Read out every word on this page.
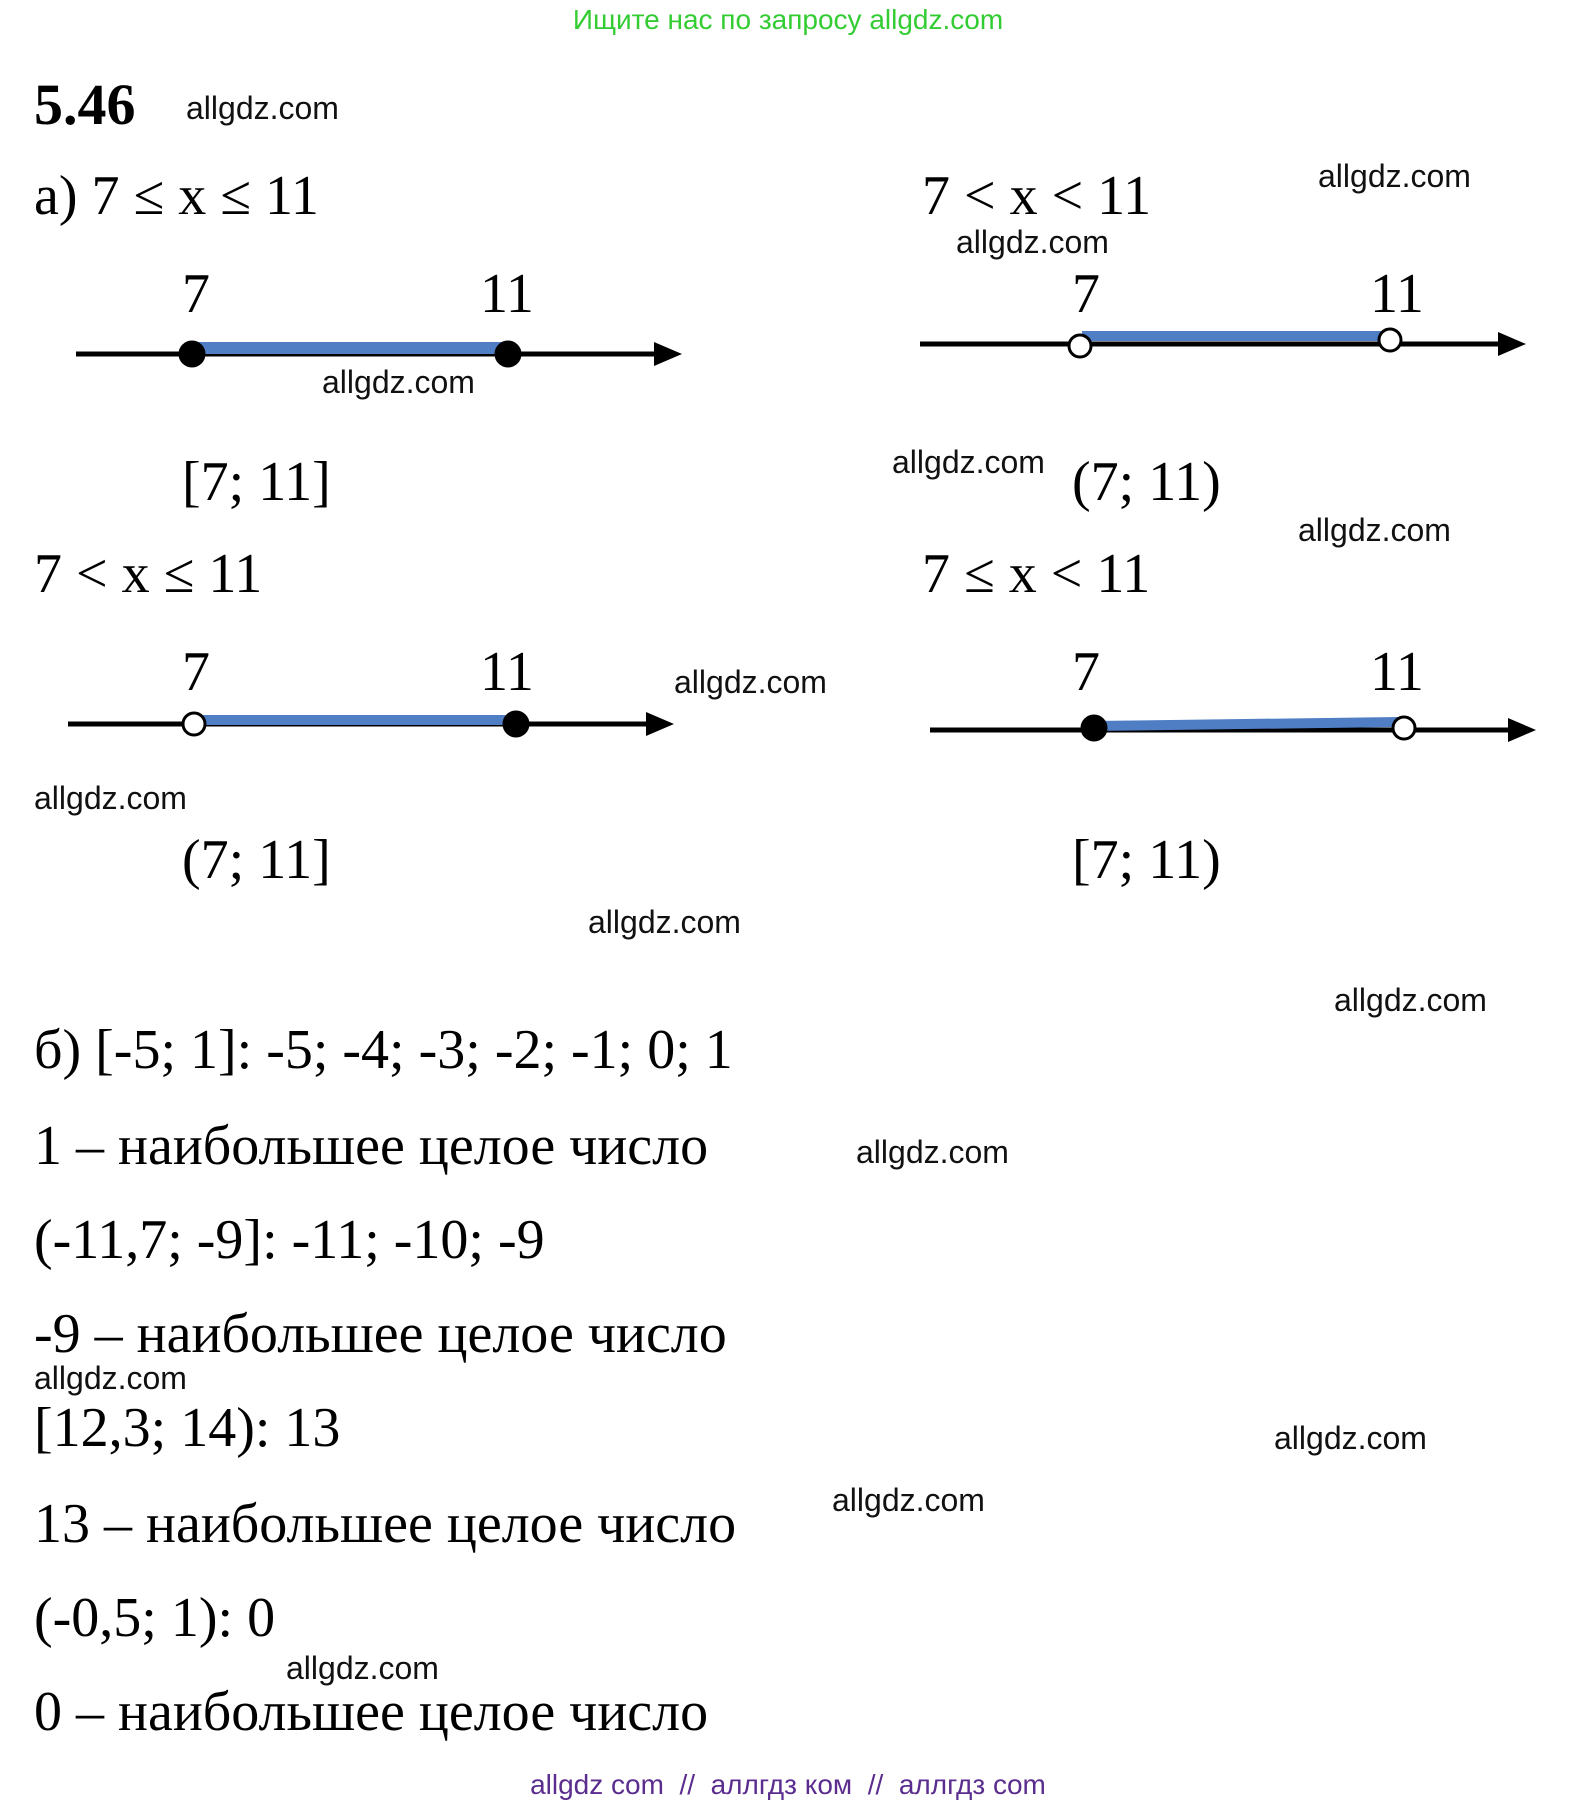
Ищите нас по запросу allgdz.com
5.46
а) 7 ≤ x ≤ 11	7 < x < 11
7 < x ≤ 11	7 ≤ x < 11
7	11	7	11
7	11	7	11
[7; 11]	(7; 11)
(7; 11]	[7; 11)
б) [-5; 1]: -5; -4; -3; -2; -1; 0; 1
1 – наибольшее целое число
(-11,7; -9]: -11; -10; -9
-9 – наибольшее целое число
[12,3; 14): 13
13 – наибольшее целое число
(-0,5; 1): 0
0 – наибольшее целое число
allgdz.com
allgdz.com
allgdz.com
allgdz.com
allgdz.com
allgdz.com
allgdz.com
allgdz.com
allgdz.com
allgdz.com
allgdz.com
allgdz.com
allgdz.com
allgdz.com
allgdz.com
allgdz com  //  аллгдз ком  //  аллгдз com
